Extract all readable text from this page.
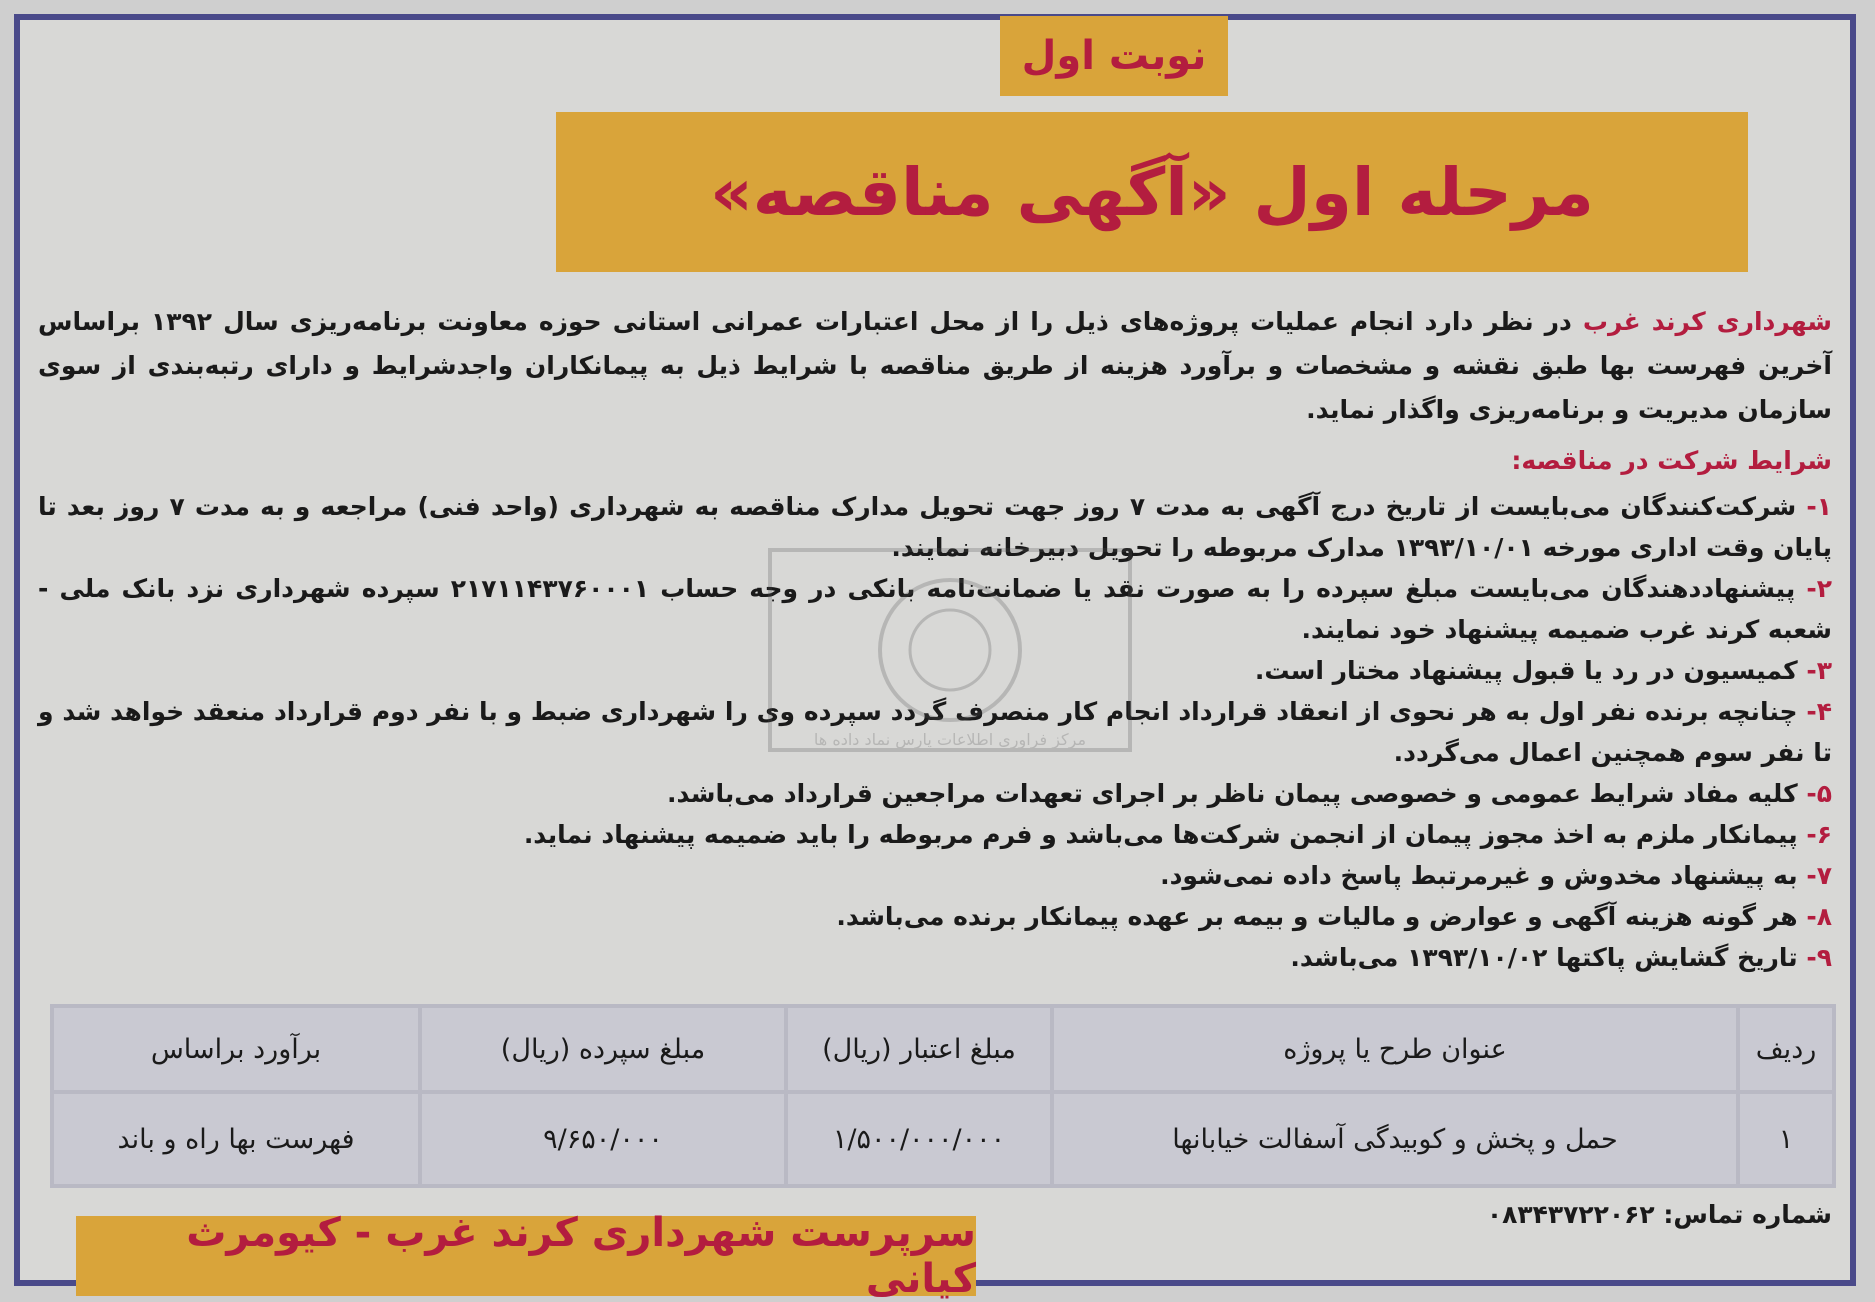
نوبت اول
مرحله اول «آگهی مناقصه»
شهرداری کرند غرب در نظر دارد انجام عملیات پروژه‌های ذیل را از محل اعتبارات عمرانی استانی حوزه معاونت برنامه‌ریزی سال ۱۳۹۲ براساس آخرین فهرست بها طبق نقشه و مشخصات و برآورد هزینه از طریق مناقصه با شرایط ذیل به پیمانکاران واجدشرایط و دارای رتبه‌بندی از سوی سازمان مدیریت و برنامه‌ریزی واگذار نماید.
شرایط شرکت در مناقصه:
۱- شرکت‌کنندگان می‌بایست از تاریخ درج آگهی به مدت ۷ روز جهت تحویل مدارک مناقصه به شهرداری (واحد فنی) مراجعه و به مدت ۷ روز بعد تا پایان وقت اداری مورخه ۱۳۹۳/۱۰/۰۱ مدارک مربوطه را تحویل دبیرخانه نمایند.
۲- پیشنهاددهندگان می‌بایست مبلغ سپرده را به صورت نقد یا ضمانت‌نامه بانکی در وجه حساب ۲۱۷۱۱۴۳۷۶۰۰۰۱ سپرده شهرداری نزد بانک ملی - شعبه کرند غرب ضمیمه پیشنهاد خود نمایند.
۳- کمیسیون در رد یا قبول پیشنهاد مختار است.
۴- چنانچه برنده نفر اول به هر نحوی از انعقاد قرارداد انجام کار منصرف گردد سپرده وی را شهرداری ضبط و با نفر دوم قرارداد منعقد خواهد شد و تا نفر سوم همچنین اعمال می‌گردد.
۵- کلیه مفاد شرایط عمومی و خصوصی پیمان ناظر بر اجرای تعهدات مراجعین قرارداد می‌باشد.
۶- پیمانکار ملزم به اخذ مجوز پیمان از انجمن شرکت‌ها می‌باشد و فرم مربوطه را باید ضمیمه پیشنهاد نماید.
۷- به پیشنهاد مخدوش و غیرمرتبط پاسخ داده نمی‌شود.
۸- هر گونه هزینه آگهی و عوارض و مالیات و بیمه بر عهده پیمانکار برنده می‌باشد.
۹- تاریخ گشایش پاکتها ۱۳۹۳/۱۰/۰۲ می‌باشد.
ردیف	عنوان طرح یا پروژه	مبلغ اعتبار (ریال)	مبلغ سپرده (ریال)	برآورد براساس
۱	حمل و پخش و کوبیدگی آسفالت خیابانها	۱/۵۰۰/۰۰۰/۰۰۰	۹/۶۵۰/۰۰۰	فهرست بها راه و باند
شماره تماس: ۰۸۳۴۳۷۲۲۰۶۲
سرپرست شهرداری کرند غرب - کیومرث کیانی
مرکز فراوری اطلاعات پارس نماد داده ها
